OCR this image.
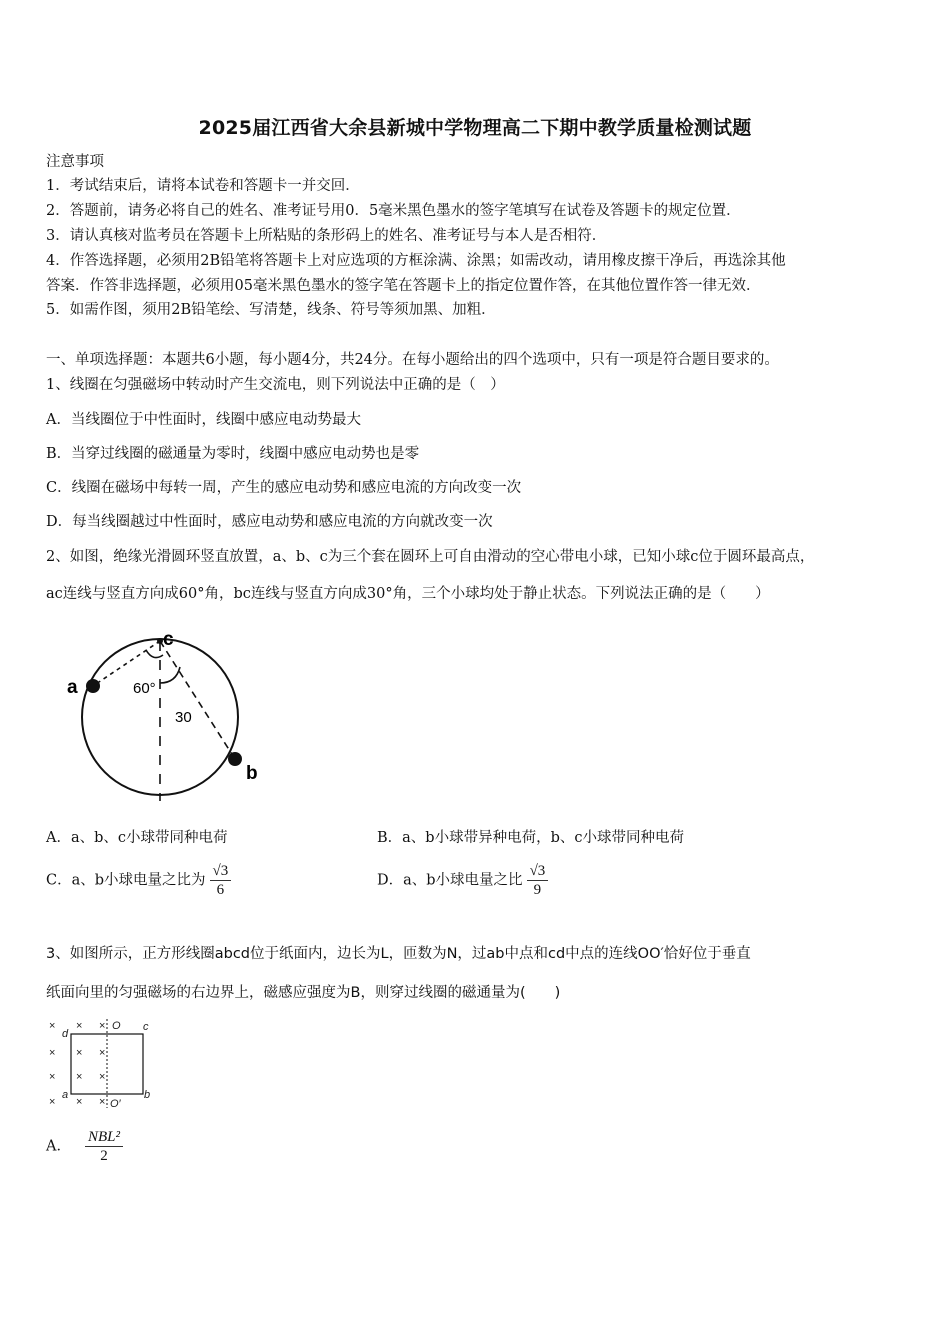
2025届江西省大余县新城中学物理高二下期中教学质量检测试题
注意事项
1．考试结束后，请将本试卷和答题卡一并交回．
2．答题前，请务必将自己的姓名、准考证号用0．5毫米黑色墨水的签字笔填写在试卷及答题卡的规定位置．
3．请认真核对监考员在答题卡上所粘贴的条形码上的姓名、准考证号与本人是否相符．
4．作答选择题，必须用2B铅笔将答题卡上对应选项的方框涂满、涂黑；如需改动，请用橡皮擦干净后，再选涂其他
答案．作答非选择题，必须用05毫米黑色墨水的签字笔在答题卡上的指定位置作答，在其他位置作答一律无效．
5．如需作图，须用2B铅笔绘、写清楚，线条、符号等须加黑、加粗．
一、单项选择题：本题共6小题，每小题4分，共24分。在每小题给出的四个选项中，只有一项是符合题目要求的。
1、线圈在匀强磁场中转动时产生交流电，则下列说法中正确的是（　）
A．当线圈位于中性面时，线圈中感应电动势最大
B．当穿过线圈的磁通量为零时，线圈中感应电动势也是零
C．线圈在磁场中每转一周，产生的感应电动势和感应电流的方向改变一次
D．每当线圈越过中性面时，感应电动势和感应电流的方向就改变一次
2、如图，绝缘光滑圆环竖直放置，a、b、c为三个套在圆环上可自由滑动的空心带电小球，已知小球c位于圆环最高点，
ac连线与竖直方向成60°角，bc连线与竖直方向成30°角，三个小球均处于静止状态。下列说法正确的是（　　）
a
b
c
60°
30
A．a、b、c小球带同种电荷	B．a、b小球带异种电荷，b、c小球带同种电荷
C．a、b小球电量之比为 $\frac{√3}{6}$	D．a、b小球电量之比 $\frac{√3}{9}$
3、如图所示，正方形线圈abcd位于纸面内，边长为L，匝数为N，过ab中点和cd中点的连线OO′恰好位于垂直
纸面向里的匀强磁场的右边界上，磁感应强度为B，则穿过线圈的磁通量为(　　)
× × ×
× × ×
× × ×
× × ×
d
c
a	b
O
O′
A． $\frac{\text{NBL²}}{2}$
